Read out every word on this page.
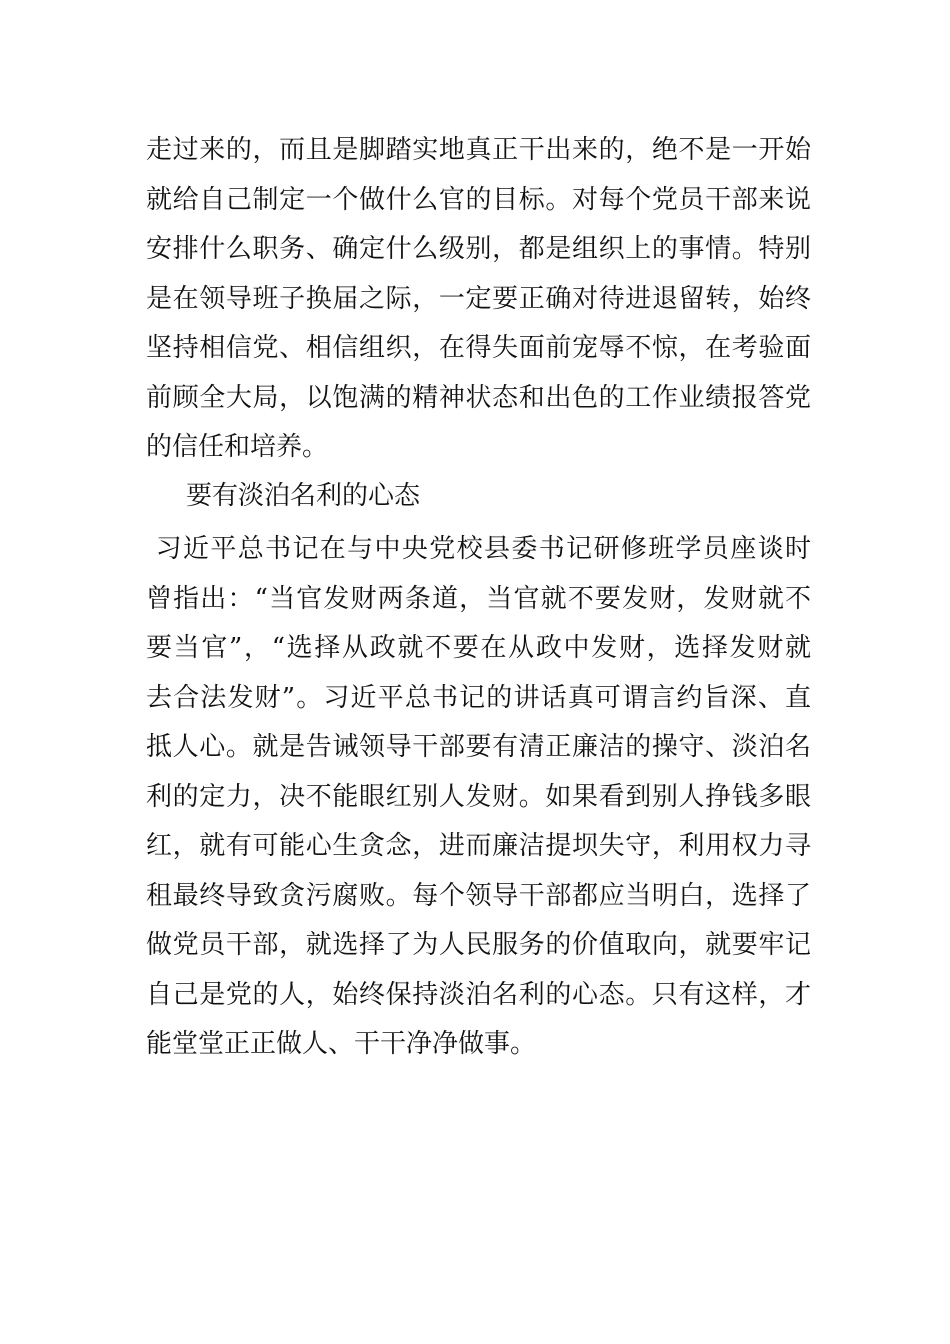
走过来的，而且是脚踏实地真正干出来的，绝不是一开始
就给自己制定一个做什么官的目标。对每个党员干部来说
安排什么职务、确定什么级别，都是组织上的事情。特别
是在领导班子换届之际，一定要正确对待进退留转，始终
坚持相信党、相信组织，在得失面前宠辱不惊，在考验面
前顾全大局，以饱满的精神状态和出色的工作业绩报答党
的信任和培养。
要有淡泊名利的心态
习近平总书记在与中央党校县委书记研修班学员座谈时
曾指出：“当官发财两条道，当官就不要发财，发财就不
要当官”，“选择从政就不要在从政中发财，选择发财就
去合法发财”。习近平总书记的讲话真可谓言约旨深、直
抵人心。就是告诫领导干部要有清正廉洁的操守、淡泊名
利的定力，决不能眼红别人发财。如果看到别人挣钱多眼
红，就有可能心生贪念，进而廉洁提坝失守，利用权力寻
租最终导致贪污腐败。每个领导干部都应当明白，选择了
做党员干部，就选择了为人民服务的价值取向，就要牢记
自己是党的人，始终保持淡泊名利的心态。只有这样，才
能堂堂正正做人、干干净净做事。
